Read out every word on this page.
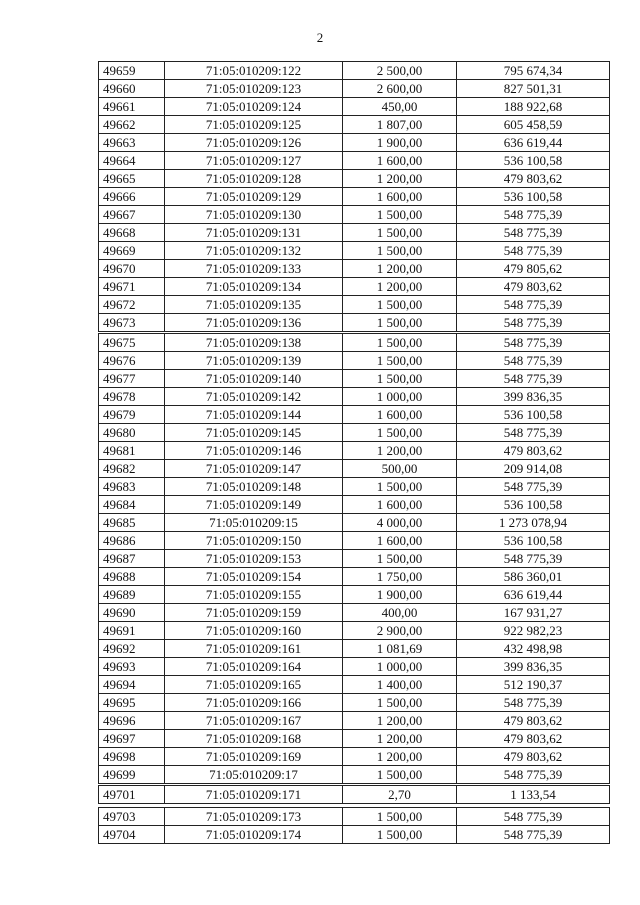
2
49659	71:05:010209:122	2 500,00	795 674,34
49660	71:05:010209:123	2 600,00	827 501,31
49661	71:05:010209:124	450,00	188 922,68
49662	71:05:010209:125	1 807,00	605 458,59
49663	71:05:010209:126	1 900,00	636 619,44
49664	71:05:010209:127	1 600,00	536 100,58
49665	71:05:010209:128	1 200,00	479 803,62
49666	71:05:010209:129	1 600,00	536 100,58
49667	71:05:010209:130	1 500,00	548 775,39
49668	71:05:010209:131	1 500,00	548 775,39
49669	71:05:010209:132	1 500,00	548 775,39
49670	71:05:010209:133	1 200,00	479 805,62
49671	71:05:010209:134	1 200,00	479 803,62
49672	71:05:010209:135	1 500,00	548 775,39
49673	71:05:010209:136	1 500,00	548 775,39
49675	71:05:010209:138	1 500,00	548 775,39
49676	71:05:010209:139	1 500,00	548 775,39
49677	71:05:010209:140	1 500,00	548 775,39
49678	71:05:010209:142	1 000,00	399 836,35
49679	71:05:010209:144	1 600,00	536 100,58
49680	71:05:010209:145	1 500,00	548 775,39
49681	71:05:010209:146	1 200,00	479 803,62
49682	71:05:010209:147	500,00	209 914,08
49683	71:05:010209:148	1 500,00	548 775,39
49684	71:05:010209:149	1 600,00	536 100,58
49685	71:05:010209:15	4 000,00	1 273 078,94
49686	71:05:010209:150	1 600,00	536 100,58
49687	71:05:010209:153	1 500,00	548 775,39
49688	71:05:010209:154	1 750,00	586 360,01
49689	71:05:010209:155	1 900,00	636 619,44
49690	71:05:010209:159	400,00	167 931,27
49691	71:05:010209:160	2 900,00	922 982,23
49692	71:05:010209:161	1 081,69	432 498,98
49693	71:05:010209:164	1 000,00	399 836,35
49694	71:05:010209:165	1 400,00	512 190,37
49695	71:05:010209:166	1 500,00	548 775,39
49696	71:05:010209:167	1 200,00	479 803,62
49697	71:05:010209:168	1 200,00	479 803,62
49698	71:05:010209:169	1 200,00	479 803,62
49699	71:05:010209:17	1 500,00	548 775,39
49701	71:05:010209:171	2,70	1 133,54
49703	71:05:010209:173	1 500,00	548 775,39
49704	71:05:010209:174	1 500,00	548 775,39
